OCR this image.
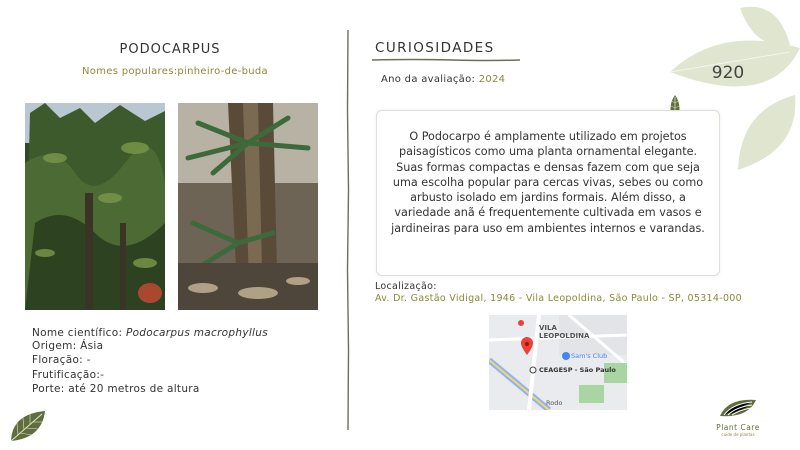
PODOCARPUS
Nomes populares:pinheiro-de-buda
Nome científico: Podocarpus macrophyllus
Origem: Ásia
Floração: -
Frutificação:-
Porte: até 20 metros de altura
CURIOSIDADES
Ano da avaliação: 2024	920

O Podocarpo é amplamente utilizado em projetos paisagísticos como uma planta ornamental elegante. Suas formas compactas e densas fazem com que seja uma escolha popular para cercas vivas, sebes ou como arbusto isolado em jardins formais. Além disso, a variedade anã é frequentemente cultivada em vasos e jardineiras para uso em ambientes internos e varandas.

Localização:
Av. Dr. Gastão Vidigal, 1946 - Vila Leopoldina, São Paulo - SP, 05314-000
VILA
LEOPOLDINA
Sam's Club
CEAGESP - São Paulo
Rodo
Plant Care
cuide de plantas
